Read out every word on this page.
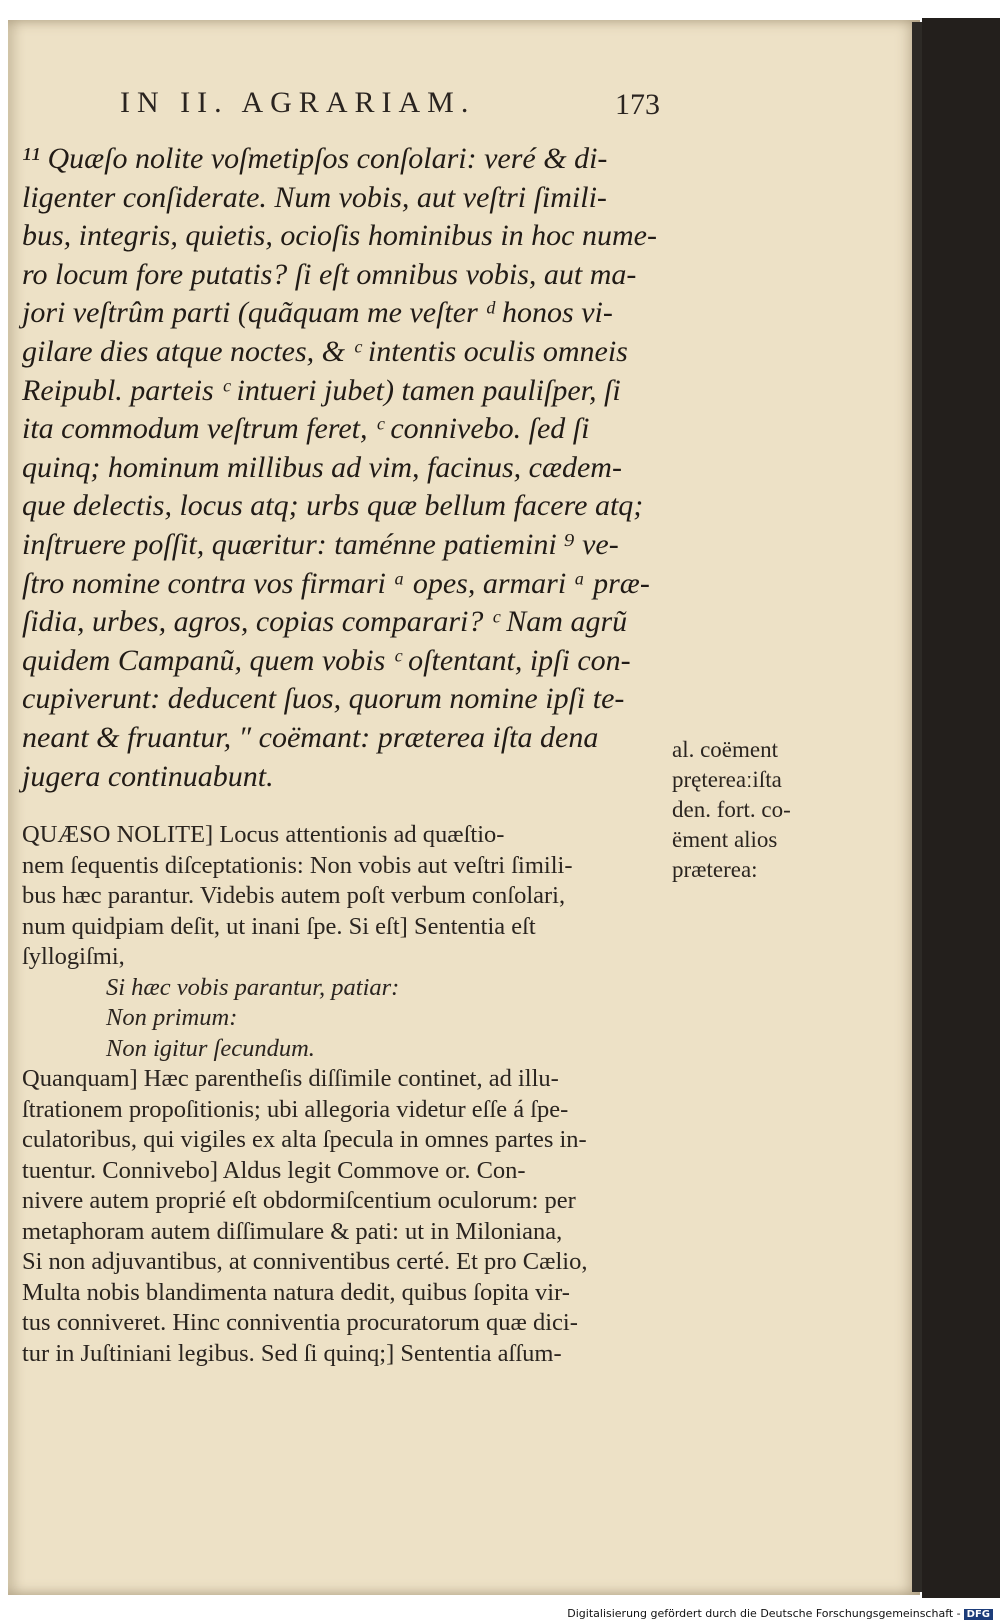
IN II. AGRARIAM.	173
¹¹ Quæſo nolite voſmetipſos conſolari: veré & di-
ligenter conſiderate. Num vobis, aut veſtri ſimili-
bus, integris, quietis, ocioſis hominibus in hoc nume-
ro locum fore putatis? ſi eſt omnibus vobis, aut ma-
jori veſtrûm parti (quãquam me veſter ᵈ honos vi-
gilare dies atque noctes, & ᶜ intentis oculis omneis
Reipubl. parteis ᶜ intueri jubet) tamen pauliſper, ſi
ita commodum veſtrum feret, ᶜ connivebo. ſed ſi
quinq; hominum millibus ad vim, facinus, cædem-
que delectis, locus atq; urbs quæ bellum facere atq;
inſtruere poſſit, quæritur: taménne patiemini ⁹ ve-
ſtro nomine contra vos firmari ᵃ opes, armari ᵃ præ-
ſidia, urbes, agros, copias comparari? ᶜ Nam agrũ
quidem Campanũ, quem vobis ᶜ oſtentant, ipſi con-
cupiverunt: deducent ſuos, quorum nomine ipſi te-
neant & fruantur, ″ coëmant: præterea iſta dena
jugera continuabunt.
al. coëment
prętereaːiſta
den. fort. co-
ëment alios
præterea:
QUÆSO NOLITE] Locus attentionis ad quæſtio-
nem ſequentis diſceptationis: Non vobis aut veſtri ſimili-
bus hæc parantur. Videbis autem poſt verbum conſolari,
num quidpiam deſit, ut inani ſpe. Si eſt] Sententia eſt
ſyllogiſmi,
Si hæc vobis parantur, patiar:
Non primum:
Non igitur ſecundum.
Quanquam] Hæc parentheſis diſſimile continet, ad illu-
ſtrationem propoſitionis; ubi allegoria videtur eſſe á ſpe-
culatoribus, qui vigiles ex alta ſpecula in omnes partes in-
tuentur. Connivebo] Aldus legit Commove or. Con-
nivere autem proprié eſt obdormiſcentium oculorum: per
metaphoram autem diſſimulare & pati: ut in Miloniana,
Si non adjuvantibus, at conniventibus certé. Et pro Cælio,
Multa nobis blandimenta natura dedit, quibus ſopita vir-
tus conniveret. Hinc conniventia procuratorum quæ dici-
tur in Juſtiniani legibus. Sed ſi quinq;] Sententia aſſum-
Digitalisierung gefördert durch die Deutsche Forschungsgemeinschaft - DFG
